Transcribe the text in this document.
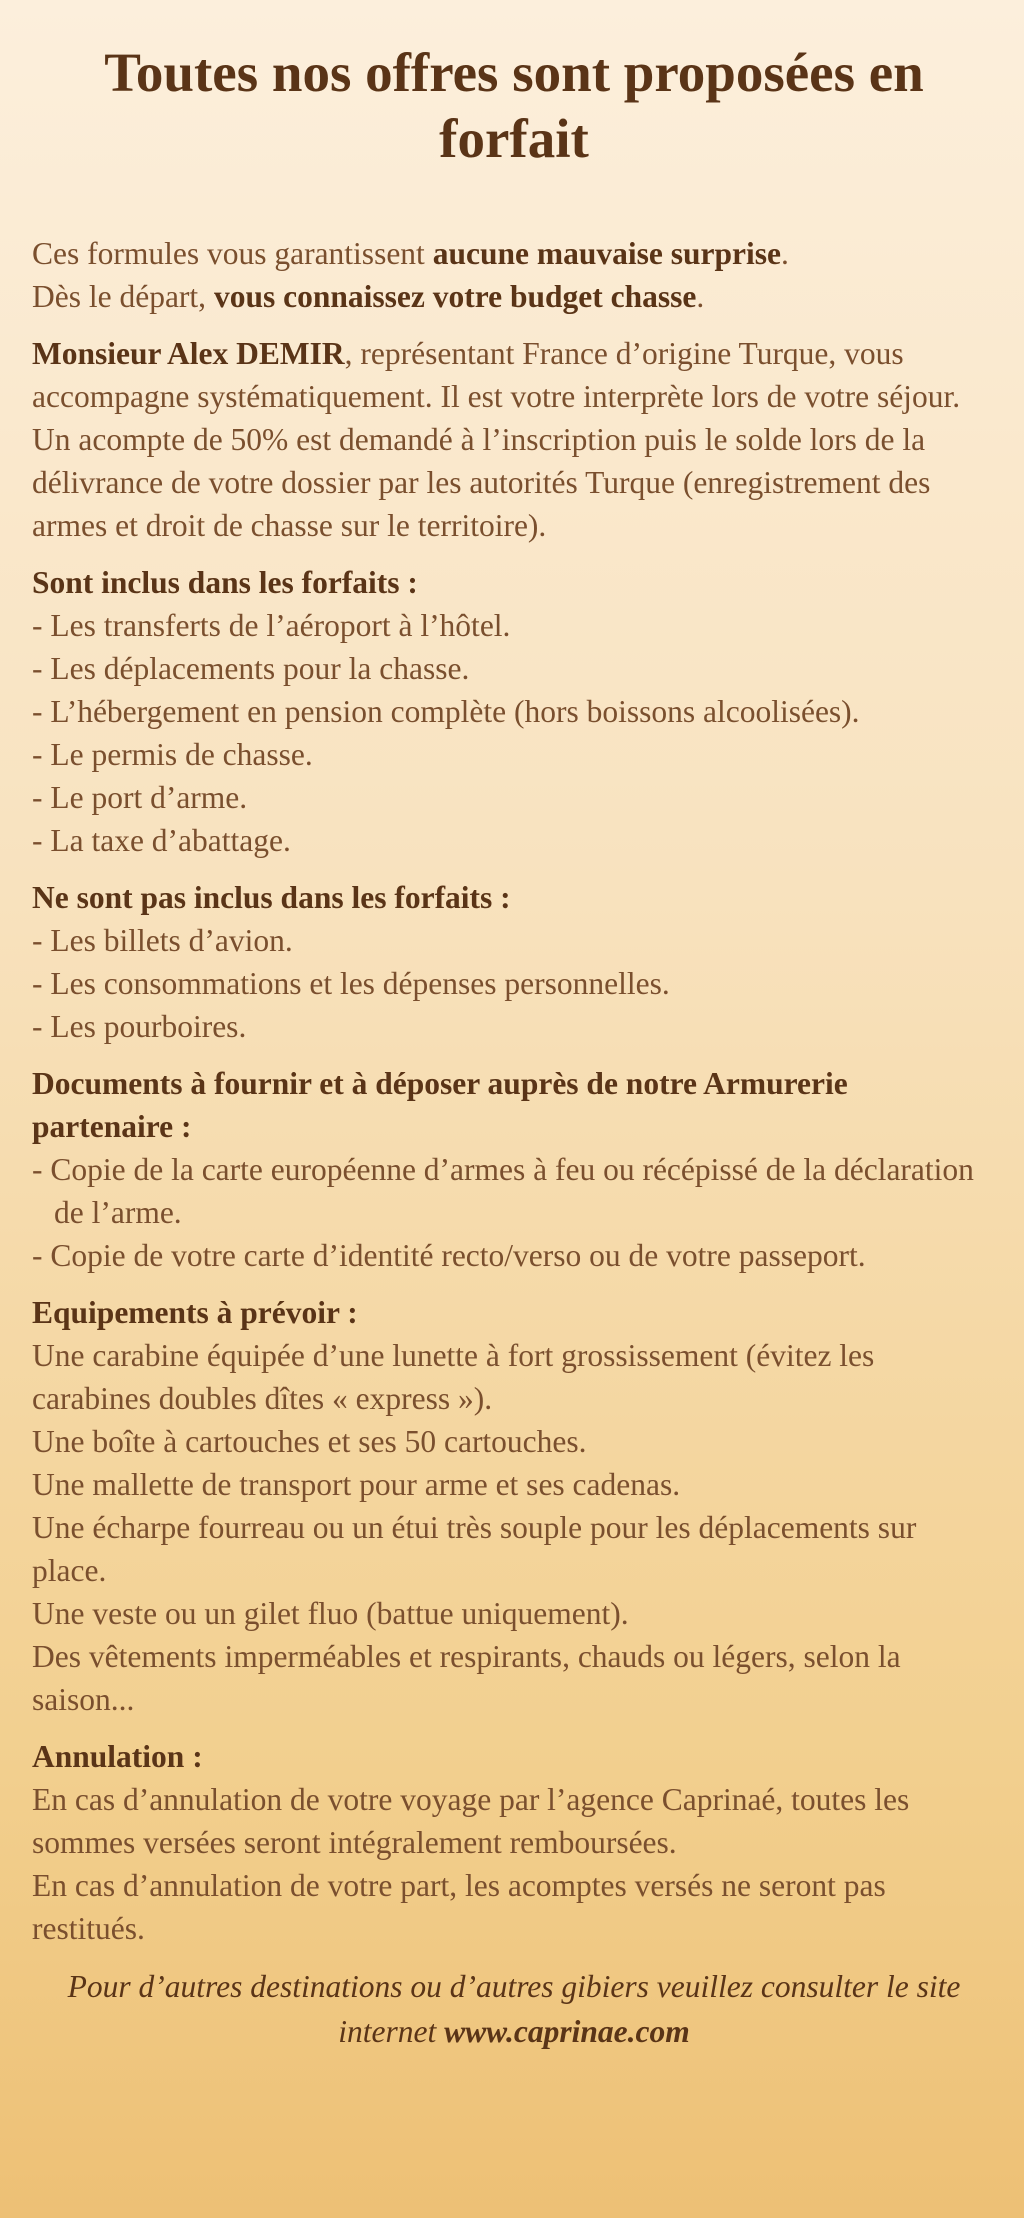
Toutes nos offres sont proposées en forfait

Ces formules vous garantissent aucune mauvaise surprise.

Dès le départ, vous connaissez votre budget chasse.

Monsieur Alex DEMIR, représentant France d’origine Turque, vous accompagne systématiquement. Il est votre interprète lors de votre séjour.

Un acompte de 50% est demandé à l’inscription puis le solde lors de la délivrance de votre dossier par les autorités Turque (enregistrement des armes et droit de chasse sur le territoire).

Sont inclus dans les forfaits :

- Les transferts de l’aéroport à l’hôtel.

- Les déplacements pour la chasse.

- L’hébergement en pension complète (hors boissons alcoolisées).

- Le permis de chasse.

- Le port d’arme.

- La taxe d’abattage.

Ne sont pas inclus dans les forfaits :

- Les billets d’avion.

- Les consommations et les dépenses personnelles.

- Les pourboires.

Documents à fournir et à déposer auprès de notre Armurerie partenaire :

- Copie de la carte européenne d’armes à feu ou récépissé de la déclaration de l’arme.

- Copie de votre carte d’identité recto/verso ou de votre passeport.

Equipements à prévoir :

Une carabine équipée d’une lunette à fort grossissement (évitez les carabines doubles dîtes « express »).

Une boîte à cartouches et ses 50 cartouches.

Une mallette de transport pour arme et ses cadenas.

Une écharpe fourreau ou un étui très souple pour les déplacements sur place.

Une veste ou un gilet fluo (battue uniquement).

Des vêtements imperméables et respirants, chauds ou légers, selon la saison...

Annulation :

En cas d’annulation de votre voyage par l’agence Caprinaé, toutes les sommes versées seront intégralement remboursées.

En cas d’annulation de votre part, les acomptes versés ne seront pas restitués.

Pour d’autres destinations ou d’autres gibiers veuillez consulter le site internet www.caprinae.com
